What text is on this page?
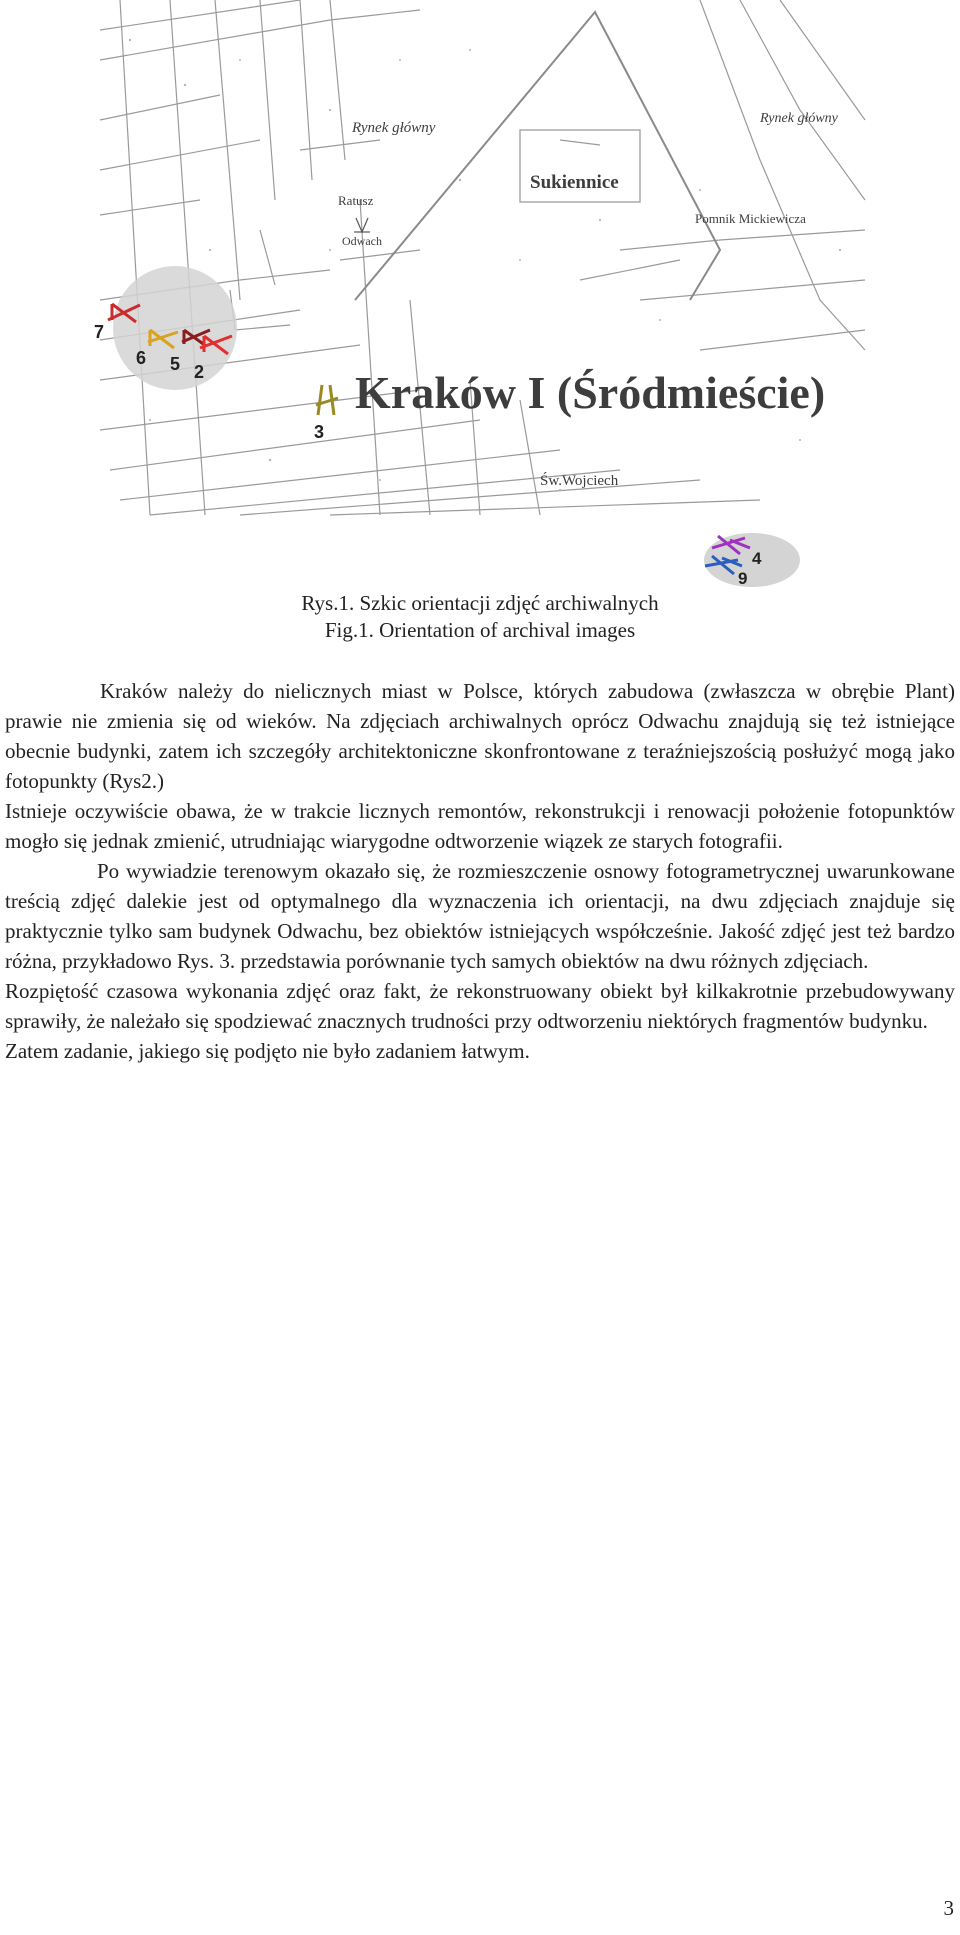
Rynek główny
Rynek główny
Sukiennice
Ratusz
Odwach
Pomnik Mickiewicza
Kraków I (Śródmieście)
Św.Wojciech
7
6 5 2
3
4
9
Rys.1. Szkic orientacji zdjęć archiwalnych
Fig.1. Orientation of archival images

Kraków należy do nielicznych miast w Polsce, których zabudowa (zwłaszcza w obrębie Plant) prawie nie zmienia się od wieków. Na zdjęciach archiwalnych oprócz Odwachu znajdują się też istniejące obecnie budynki, zatem ich szczegóły architektoniczne skonfrontowane z teraźniejszością posłużyć mogą jako fotopunkty (Rys2.)

Istnieje oczywiście obawa, że w trakcie licznych remontów, rekonstrukcji i renowacji położenie fotopunktów mogło się jednak zmienić, utrudniając wiarygodne odtworzenie wiązek ze starych fotografii.

Po wywiadzie terenowym okazało się, że rozmieszczenie osnowy fotogrametrycznej uwarunkowane treścią zdjęć dalekie jest od optymalnego dla wyznaczenia ich orientacji, na dwu zdjęciach znajduje się praktycznie tylko sam budynek Odwachu, bez obiektów istniejących współcześnie. Jakość zdjęć jest też bardzo różna, przykładowo Rys. 3. przedstawia porównanie tych samych obiektów na dwu różnych zdjęciach.

Rozpiętość czasowa wykonania zdjęć oraz fakt, że rekonstruowany obiekt był kilkakrotnie przebudowywany sprawiły, że należało się spodziewać znacznych trudności przy odtworzeniu niektórych fragmentów budynku.

Zatem zadanie, jakiego się podjęto nie było zadaniem łatwym.

3
